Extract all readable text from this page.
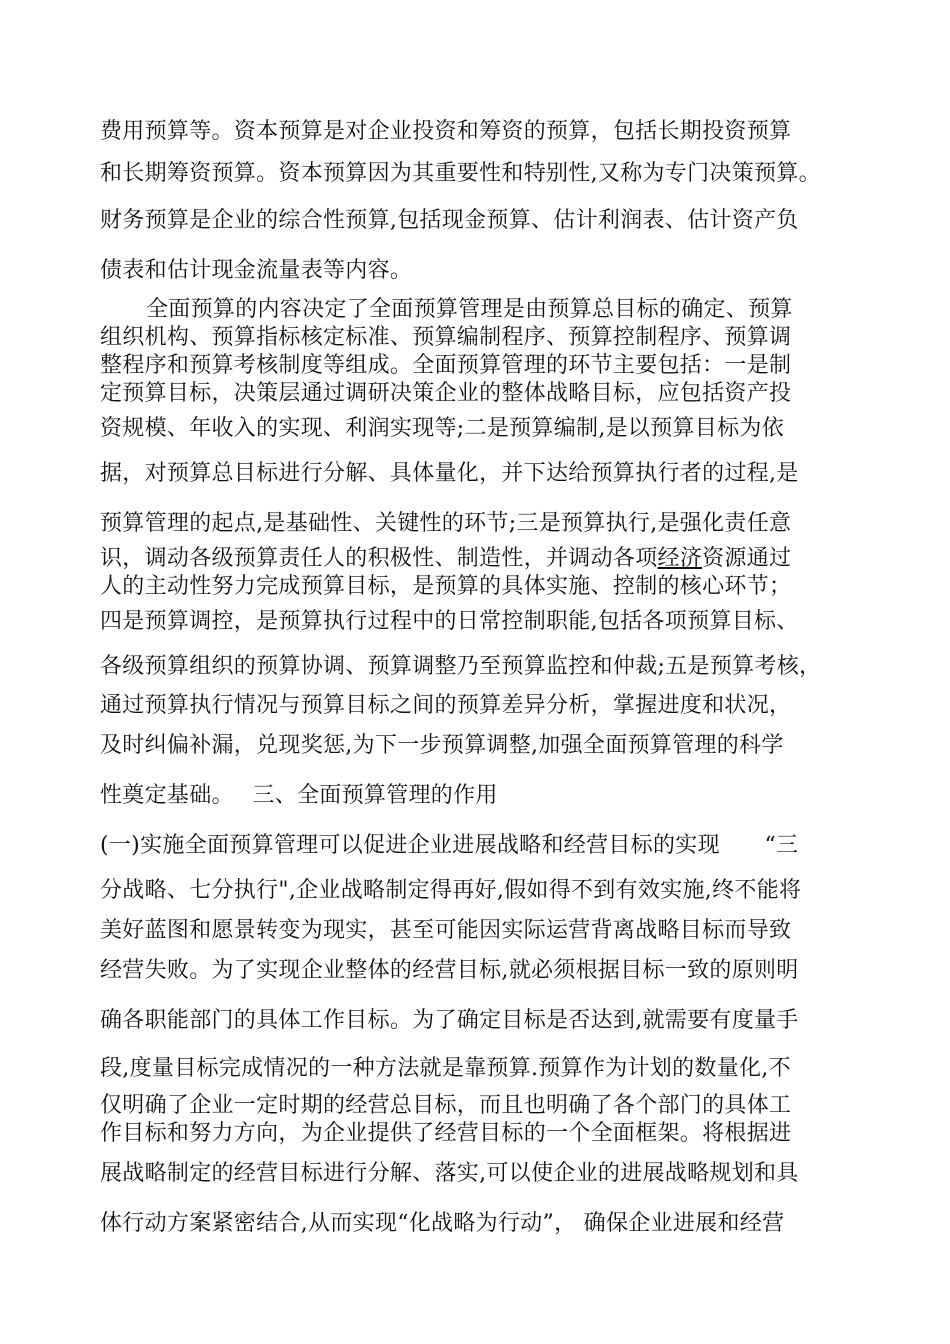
费用预算等。资本预算是对企业投资和筹资的预算，包括长期投资预算
和长期筹资预算。资本预算因为其重要性和特别性,又称为专门决策预算。
财务预算是企业的综合性预算,包括现金预算、估计利润表、估计资产负
债表和估计现金流量表等内容。
全面预算的内容决定了全面预算管理是由预算总目标的确定、预算
组织机构、预算指标核定标准、预算编制程序、预算控制程序、预算调
整程序和预算考核制度等组成。全面预算管理的环节主要包括：一是制
定预算目标，决策层通过调研决策企业的整体战略目标，应包括资产投
资规模、年收入的实现、利润实现等;二是预算编制,是以预算目标为依
据，对预算总目标进行分解、具体量化，并下达给预算执行者的过程,是
预算管理的起点,是基础性、关键性的环节;三是预算执行,是强化责任意
识，调动各级预算责任人的积极性、制造性，并调动各项经济资源通过
人的主动性努力完成预算目标，是预算的具体实施、控制的核心环节；
四是预算调控，是预算执行过程中的日常控制职能,包括各项预算目标、
各级预算组织的预算协调、预算调整乃至预算监控和仲裁;五是预算考核，
通过预算执行情况与预算目标之间的预算差异分析，掌握进度和状况，
及时纠偏补漏，兑现奖惩,为下一步预算调整,加强全面预算管理的科学
性奠定基础。　 三、全面预算管理的作用
(一)实施全面预算管理可以促进企业进展战略和经营目标的实现　　“三
分战略、七分执行",企业战略制定得再好,假如得不到有效实施,终不能将
美好蓝图和愿景转变为现实，甚至可能因实际运营背离战略目标而导致
经营失败。为了实现企业整体的经营目标,就必须根据目标一致的原则明
确各职能部门的具体工作目标。为了确定目标是否达到,就需要有度量手
段,度量目标完成情况的一种方法就是靠预算.预算作为计划的数量化,不
仅明确了企业一定时期的经营总目标，而且也明确了各个部门的具体工
作目标和努力方向，为企业提供了经营目标的一个全面框架。将根据进
展战略制定的经营目标进行分解、落实,可以使企业的进展战略规划和具
体行动方案紧密结合,从而实现“化战略为行动”， 确保企业进展和经营
